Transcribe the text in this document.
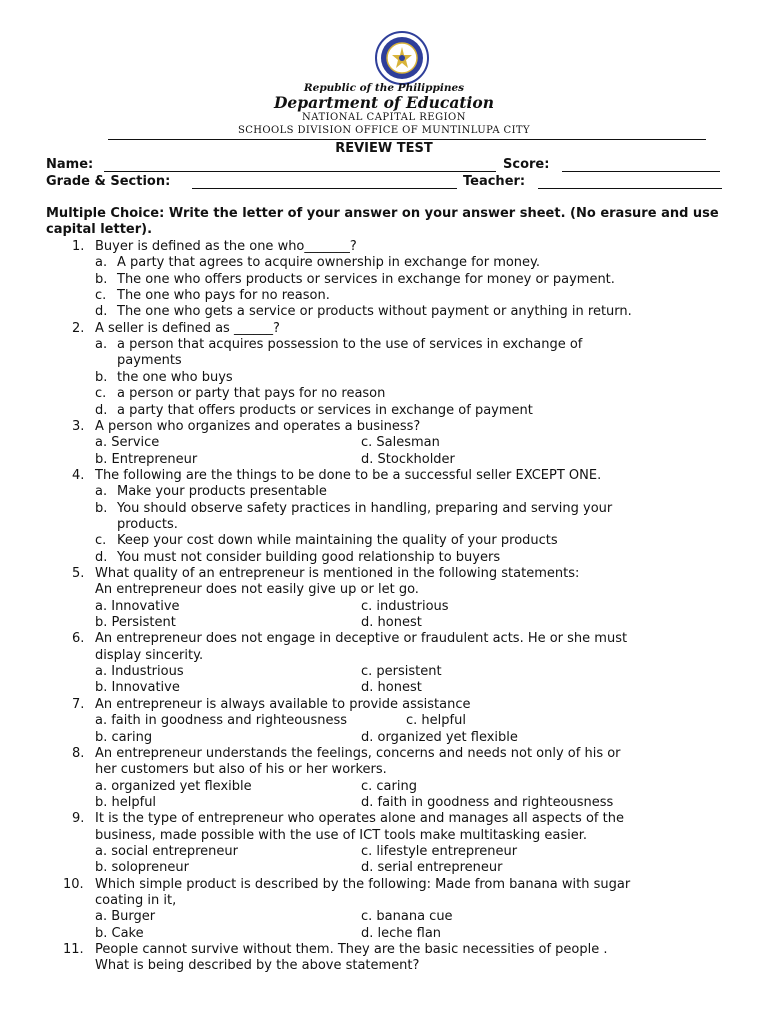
Republic of the Philippines
Department of Education
NATIONAL CAPITAL REGION
SCHOOLS DIVISION OFFICE OF MUNTINLUPA CITY
REVIEW TEST
Name:	Score:
Grade & Section:	Teacher:
Multiple Choice: Write the letter of your answer on your answer sheet. (No erasure and use capital letter).
1. Buyer is defined as the one who_______?
a. A party that agrees to acquire ownership in exchange for money.
b. The one who offers products or services in exchange for money or payment.
c. The one who pays for no reason.
d. The one who gets a service or products without payment or anything in return.
2. A seller is defined as ______?
a. a person that acquires possession to the use of services in exchange of
payments
b. the one who buys
c. a person or party that pays for no reason
d. a party that offers products or services in exchange of payment
3. A person who organizes and operates a business?
a. Service	c. Salesman
b. Entrepreneur	d. Stockholder
4. The following are the things to be done to be a successful seller EXCEPT ONE.
a. Make your products presentable
b. You should observe safety practices in handling, preparing and serving your
products.
c. Keep your cost down while maintaining the quality of your products
d. You must not consider building good relationship to buyers
5. What quality of an entrepreneur is mentioned in the following statements:
An entrepreneur does not easily give up or let go.
a. Innovative	c. industrious
b. Persistent	d. honest
6. An entrepreneur does not engage in deceptive or fraudulent acts. He or she must
display sincerity.
a. Industrious	c. persistent
b. Innovative	d. honest
7. An entrepreneur is always available to provide assistance
a. faith in goodness and righteousness	c. helpful
b. caring	d. organized yet flexible
8. An entrepreneur understands the feelings, concerns and needs not only of his or
her customers but also of his or her workers.
a. organized yet flexible	c. caring
b. helpful	d. faith in goodness and righteousness
9. It is the type of entrepreneur who operates alone and manages all aspects of the
business, made possible with the use of ICT tools make multitasking easier.
a. social entrepreneur	c. lifestyle entrepreneur
b. solopreneur	d. serial entrepreneur
10. Which simple product is described by the following: Made from banana with sugar
coating in it,
a. Burger	c. banana cue
b. Cake	d. leche flan
11. People cannot survive without them. They are the basic necessities of people .
What is being described by the above statement?
